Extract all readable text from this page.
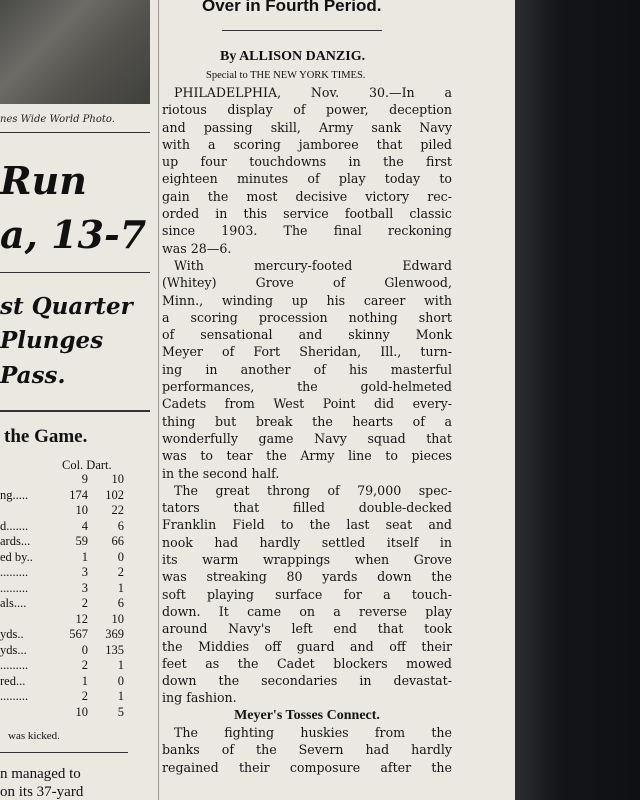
nes Wide World Photo.
Run
a, 13-7
st Quarter
Plunges
Pass.
the Game.
Col. Dart.
9 10
ng.....	174 102
10 22
d.......	4 6
ards...	59 66
ed by..	1 0
.........	3 2
.........	3 1
als....	2 6
12 10
yds..	567 369
yds...	0 135
.........	2 1
red...	1 0
.........	2 1
10 5
was kicked.
n managed to
on its 37-yard
Over in Fourth Period.
By ALLISON DANZIG.
Special to THE NEW YORK TIMES.
PHILADELPHIA, Nov. 30.—In a
riotous display of power, deception
and passing skill, Army sank Navy
with a scoring jamboree that piled
up four touchdowns in the first
eighteen minutes of play today to
gain the most decisive victory rec-
orded in this service football classic
since 1903. The final reckoning
was 28—6.
With mercury-footed Edward
(Whitey) Grove of Glenwood,
Minn., winding up his career with
a scoring procession nothing short
of sensational and skinny Monk
Meyer of Fort Sheridan, Ill., turn-
ing in another of his masterful
performances, the gold-helmeted
Cadets from West Point did every-
thing but break the hearts of a
wonderfully game Navy squad that
was to tear the Army line to pieces
in the second half.
The great throng of 79,000 spec-
tators that filled double-decked
Franklin Field to the last seat and
nook had hardly settled itself in
its warm wrappings when Grove
was streaking 80 yards down the
soft playing surface for a touch-
down. It came on a reverse play
around Navy's left end that took
the Middies off guard and off their
feet as the Cadet blockers mowed
down the secondaries in devastat-
ing fashion.
Meyer's Tosses Connect.
The fighting huskies from the
banks of the Severn had hardly
regained their composure after the
